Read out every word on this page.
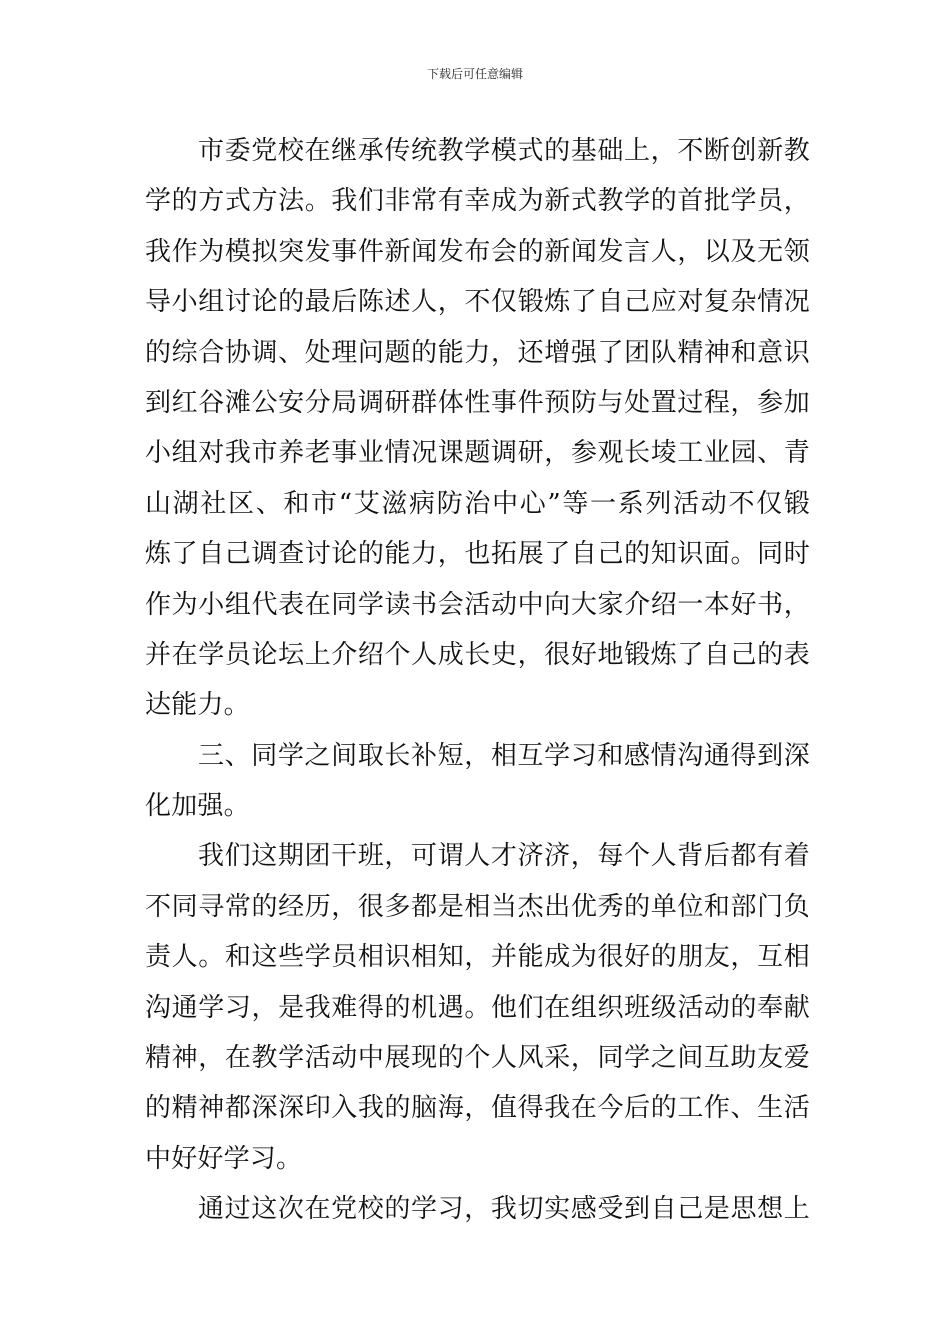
下载后可任意编辑
市委党校在继承传统教学模式的基础上，不断创新教
学的方式方法。我们非常有幸成为新式教学的首批学员，
我作为模拟突发事件新闻发布会的新闻发言人，以及无领
导小组讨论的最后陈述人，不仅锻炼了自己应对复杂情况
的综合协调、处理问题的能力，还增强了团队精神和意识
到红谷滩公安分局调研群体性事件预防与处置过程，参加
小组对我市养老事业情况课题调研，参观长堎工业园、青
山湖社区、和市“艾滋病防治中心”等一系列活动不仅锻
炼了自己调查讨论的能力，也拓展了自己的知识面。同时
作为小组代表在同学读书会活动中向大家介绍一本好书，
并在学员论坛上介绍个人成长史，很好地锻炼了自己的表
达能力。
三、同学之间取长补短，相互学习和感情沟通得到深
化加强。
我们这期团干班，可谓人才济济，每个人背后都有着
不同寻常的经历，很多都是相当杰出优秀的单位和部门负
责人。和这些学员相识相知，并能成为很好的朋友，互相
沟通学习，是我难得的机遇。他们在组织班级活动的奉献
精神，在教学活动中展现的个人风采，同学之间互助友爱
的精神都深深印入我的脑海，值得我在今后的工作、生活
中好好学习。
通过这次在党校的学习，我切实感受到自己是思想上
